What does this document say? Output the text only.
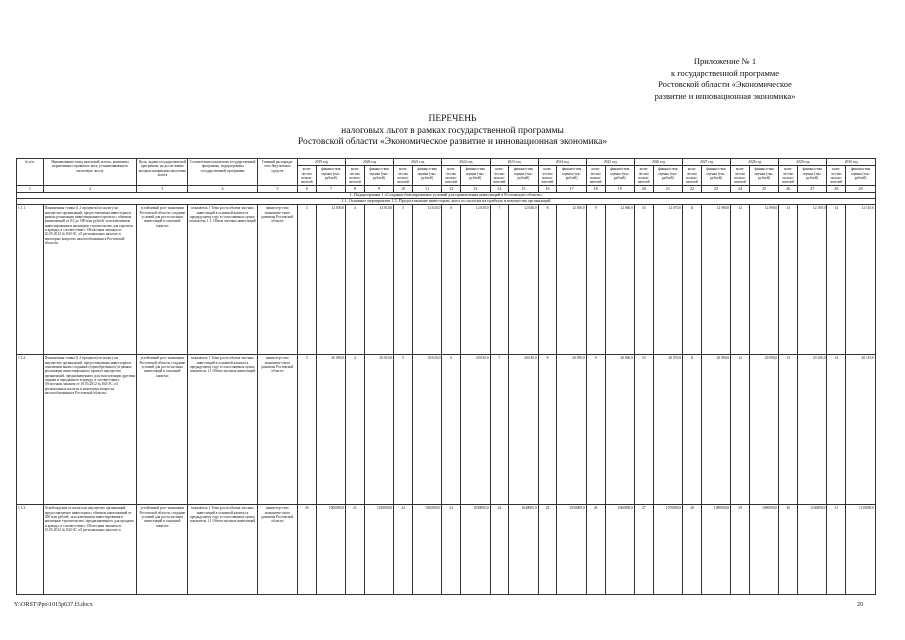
Приложение № 1
к государственной программе
Ростовской области «Экономическое
развитие и инновационная экономика»
ПЕРЕЧЕНЬ
налоговых льгот в рамках государственной программы
Ростовской области «Экономическое развитие и инновационная экономика»
№ п/п.	Наименование и вид налоговой льготы, реквизиты нормативного правового акта, устанавливающего налоговую льготу	Цель, задачи государствен-ной программы, на дости-жение которых направлена налоговая льгота	Соответствие показателю государственной программы, подпрограммы государственной программы	Главный распоряди-тель бюд-жетных средств	2019 год		2020 год		2021 год		2022 год		2023 год		2024 год		2025 год		2026 год		2027 год		2028 год		2029 год		2030 год	
					коли-чество пользо-вателей	финансо-вая оценка (тыс. рублей)	коли-чество пользо-вателей	финансо-вая оценка (тыс. рублей)	коли-чество пользо-вателей	финансо-вая оценка (тыс. рублей)	коли-чество пользо-вателей	финансо-вая оценка (тыс. рублей)	коли-чество пользо-вателей	финансо-вая оценка (тыс. рублей)	коли-чество пользо-вателей	финансо-вая оценка (тыс. рублей)	коли-чество пользо-вателей	финансо-вая оценка (тыс. рублей)	коли-чество пользо-вателей	финансо-вая оценка (тыс. рублей)	коли-чество пользо-вателей	финансо-вая оценка (тыс. рублей)	коли-чество пользо-вателей	финансо-вая оценка (тыс. рублей)	коли-чество пользо-вателей	финансо-вая оценка (тыс. рублей)	коли-чество пользо-вателей	финансо-вая оценка (тыс. рублей)
1	2	3	4	5	6	7	8	9	10	11	12	13	14	15	16	17	18	19	20	21	22	23	24	25	26	27	28	29
1. Подпрограмма 1 «Создание благоприятных условий для привлечения инвестиций в Ростовскую область»																												
1.1. Основное мероприятие 1.3. Предоставление инвесторам льгот по налогам на прибыль и имущество организаций																												
1.1.1.	Пониженная ставка (1,1 процента) по налогу на имущество организаций, предоставляемая инвесторам в рамках реализации инвестиционного проекта с объемом капвложений от 0,5 до 500 млн рублей, за исключением инвестирования в жилищное строительство для торговли и аренды, в соответствии с Областным законом от 10.05.2012 № 843-ЗС «О региональных налогах и некоторых вопросах налогообложения в Ростовской области»	устойчивый рост экономики Ростовской области, создание условий для роста частных инвестиций в основной капитал	показатель 1 Темп роста объема частных инвестиций в основной капитал к предыдущему году в сопоставимых ценах; показатель 1.1. Объем частных инвестиций	министер-ство экономиче-ского развития Ростовской области	3	12 000,0	4	12 010,0	5	12 020,0	6	12 030,0	7	12 040,0	8	12 050,0	9	12 060,0	10	12 070,0	11	12 080,0	12	12 090,0	13	12 100,0	14	12 110,0
1.1.2.	Пониженная ставка (1,1 процента) по налогу на имущество организаций, предоставляемая инвесторам в отношении вновь созданного (приобретенного) в рамках реализации инвестиционного проекта имущества организаций, предназначенного для эксплуатации другими лицами и переданного в аренду, в соответствии с Областным законом от 10.05.2012 № 843-ЗС «О региональных налогах и некоторых вопросах налогообложения в Ростовской области»	устойчивый рост экономики Ростовской области, создание условий для роста частных инвестиций в основной капитал	показатель 1 Темп роста объема частных инвестиций в основной капитал к предыдущему году в сопоставимых ценах; показатель 1.1 Объем частных инвестиций	министер-ство экономиче-ского развития Ростовской области	3	20 000,0	4	20 010,0	5	20 020,0	6	20 030,0	7	20 040,0	8	20 050,0	9	20 060,0	10	20 070,0	11	20 080,0	12	20 090,0	13	20 100,0	14	20 110,0
1.1.3.	Освобождение от налога на имущество организаций, предоставляемое инвесторам с объемом капвложений от 500 млн рублей, за исключением инвестирования в жилищное строительство, предназначенного для продажи и аренды, в соответствии с Областным законом от 10.05.2012 № 843-ЗС «О региональных налогах и	устойчивый рост экономики Ростовской области, создание условий для роста частных инвестиций в основной капитал	показатель 1 Темп роста объема частных инвестиций в основной капитал к предыдущему году в сопоставимых ценах; показатель 1.1 Объем частных инвестиций	министер-ство экономиче-ского развития Ростовской области	20	1000000,0	21	1010000,0	22	1020000,0	23	1030000,0	24	1040000,0	25	1050000,0	26	1060000,0	27	1070000,0	28	1080000,0	29	1090000,0	30	1100000,0	31	1110000,0
Y:\ORST\Ppo\1015p637.f3.docx	20
